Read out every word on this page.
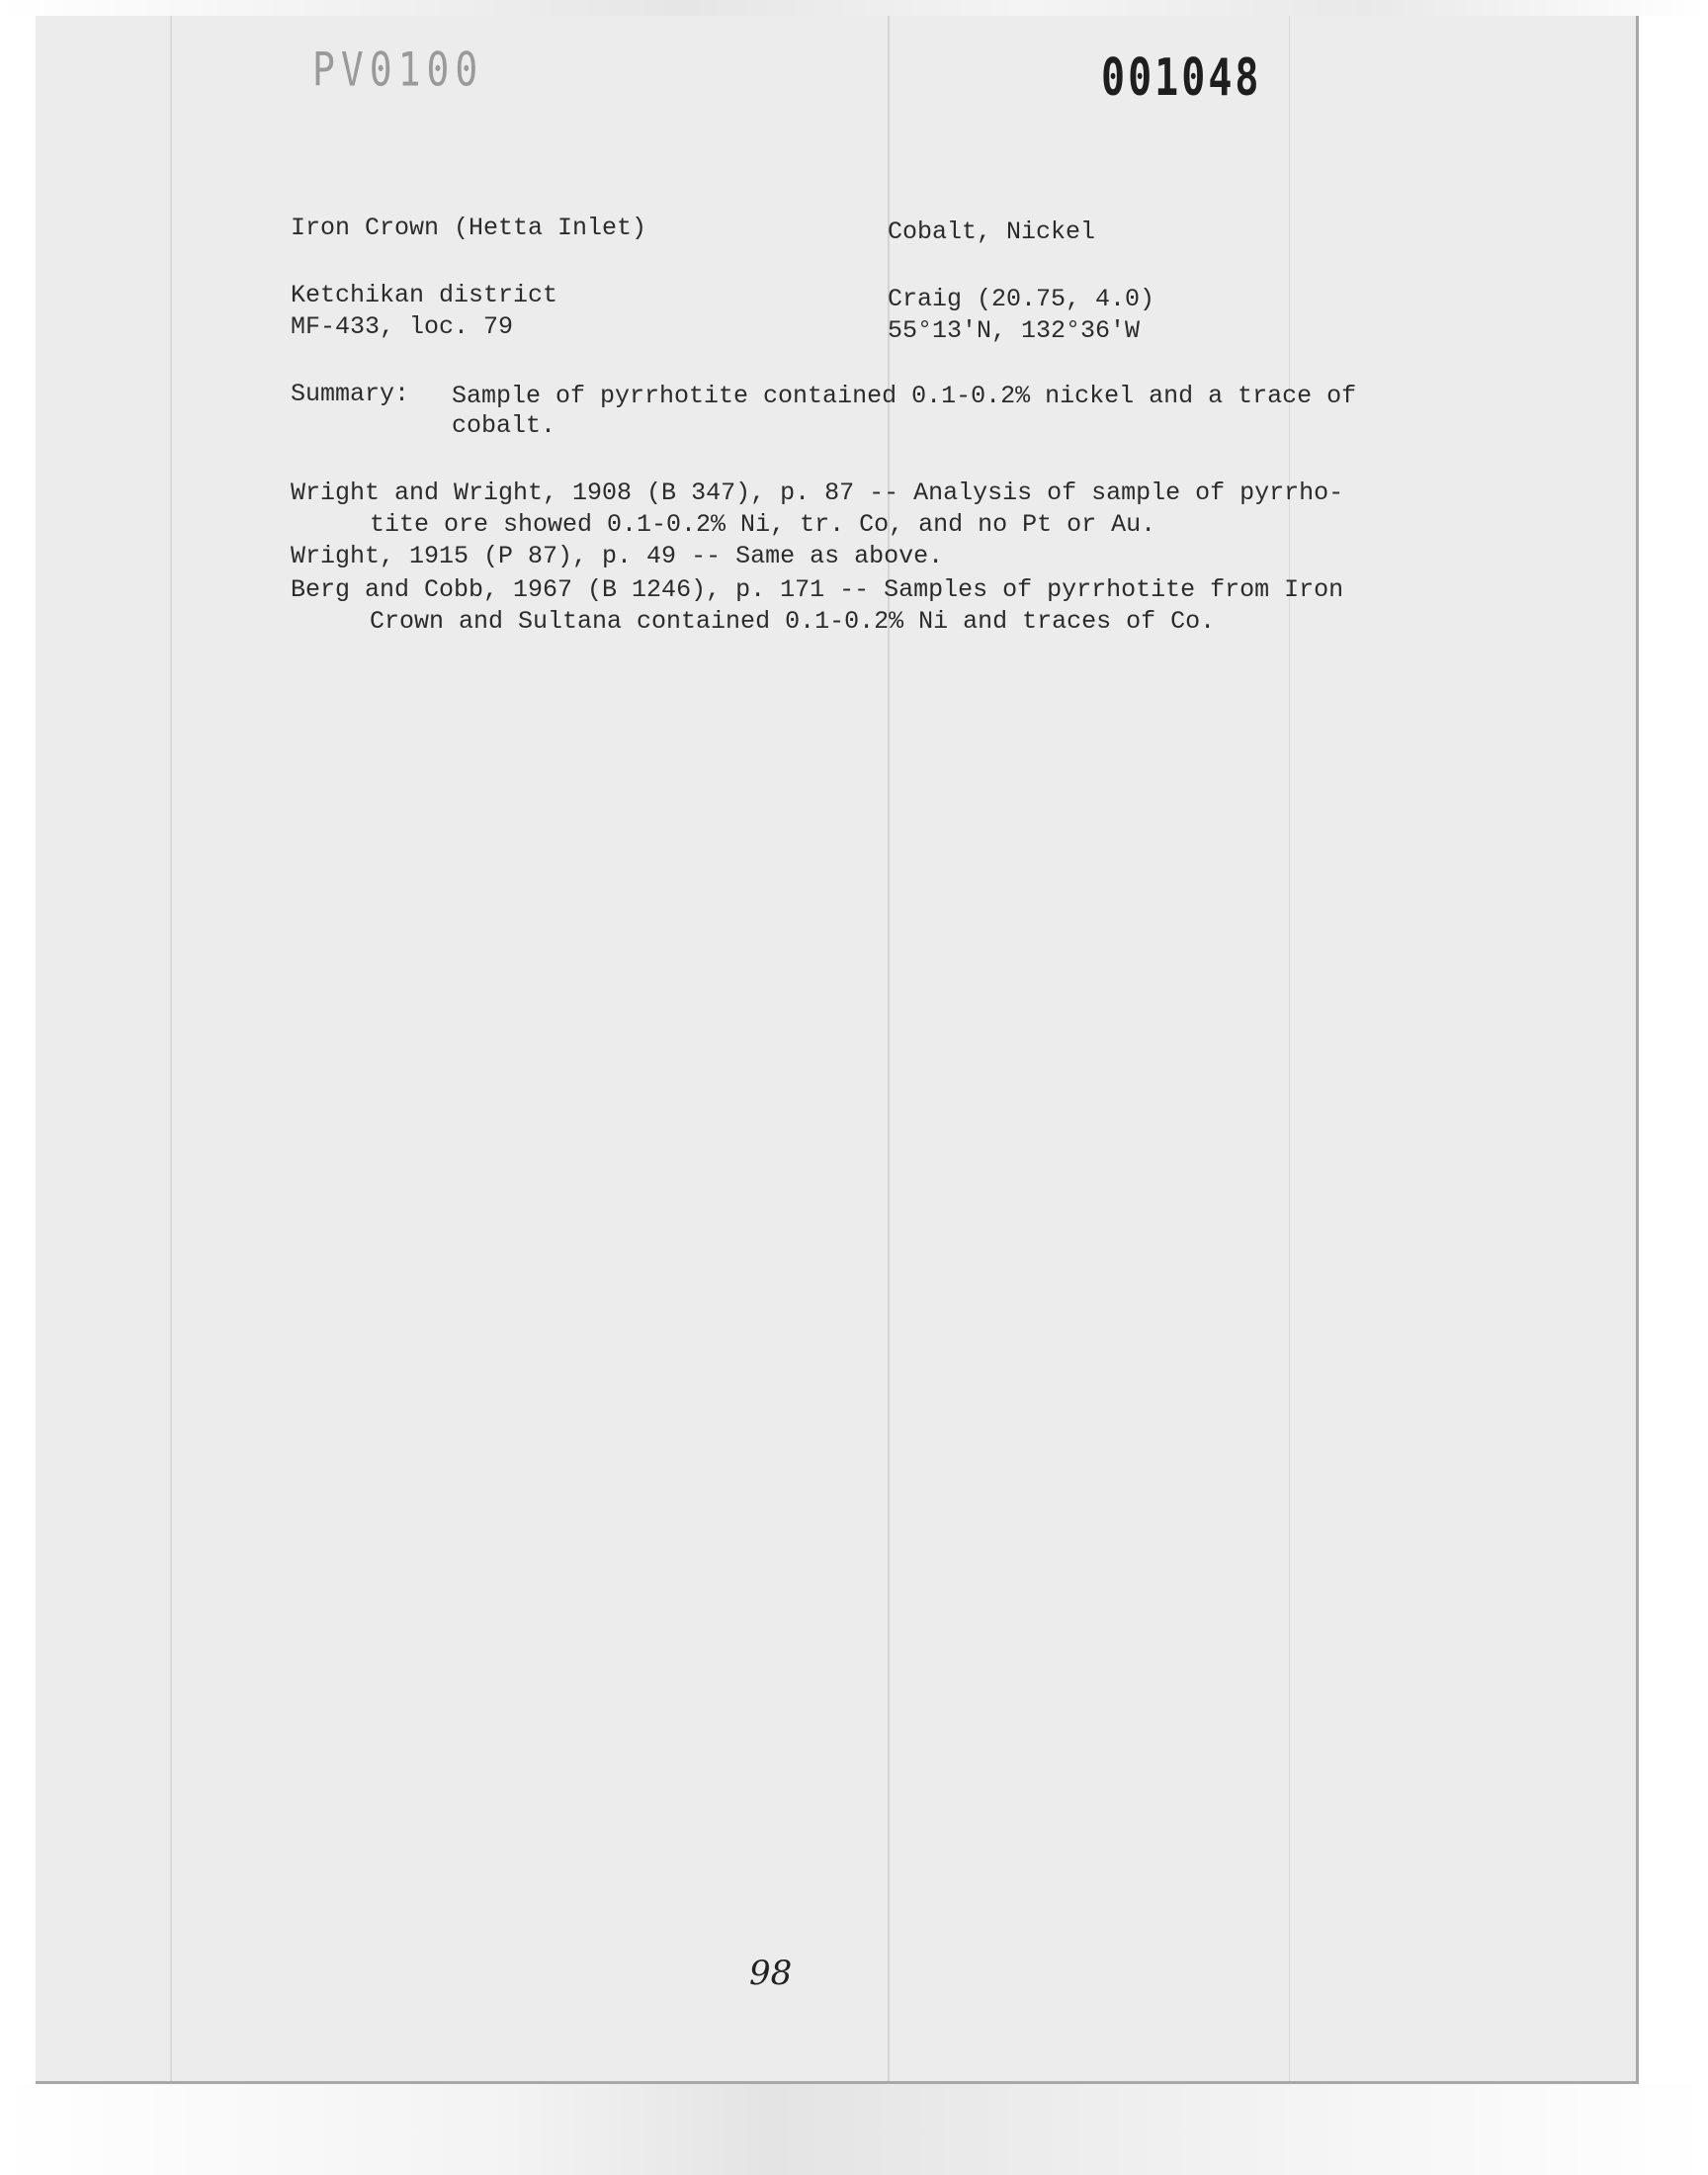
PV0100	001048
Iron Crown (Hetta Inlet)	Cobalt, Nickel
Ketchikan district
MF-433, loc. 79
Craig (20.75, 4.0)
55°13'N, 132°36'W
Summary: Sample of pyrrhotite contained 0.1-0.2% nickel and a trace of
cobalt.
Wright and Wright, 1908 (B 347), p. 87 -- Analysis of sample of pyrrho-
tite ore showed 0.1-0.2% Ni, tr. Co, and no Pt or Au.
Wright, 1915 (P 87), p. 49 -- Same as above.
Berg and Cobb, 1967 (B 1246), p. 171 -- Samples of pyrrhotite from Iron
Crown and Sultana contained 0.1-0.2% Ni and traces of Co.
98
